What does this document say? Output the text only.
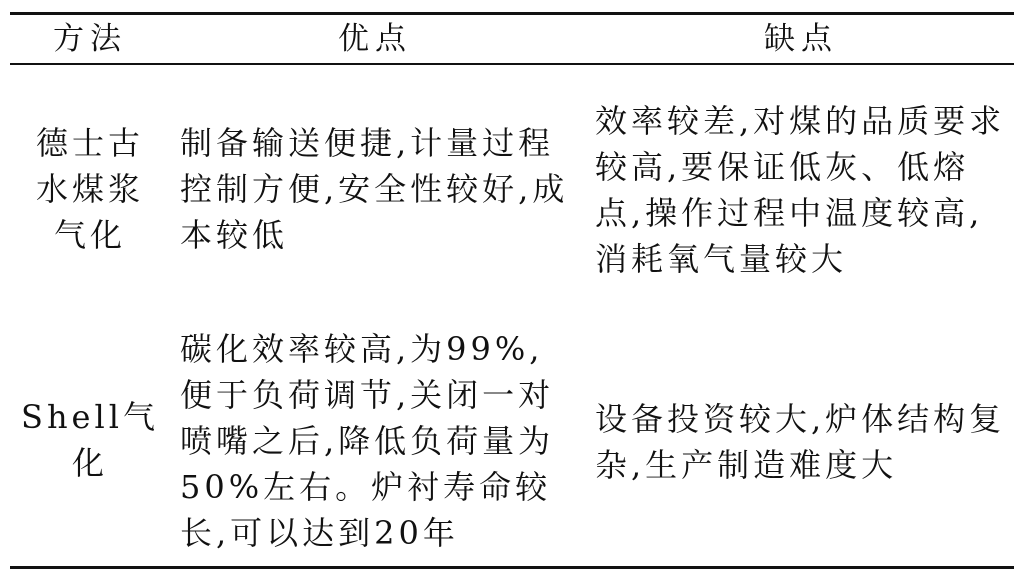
方法	优点	缺点
德士古水煤浆气化
制备输送便捷,计量过程控制方便,安全性较好,成本较低
效率较差,对煤的品质要求较高,要保证低灰、低熔点,操作过程中温度较高,消耗氧气量较大
Shell气化
碳化效率较高,为99%,便于负荷调节,关闭一对喷嘴之后,降低负荷量为50%左右。炉衬寿命较长,可以达到20年
设备投资较大,炉体结构复杂,生产制造难度大
